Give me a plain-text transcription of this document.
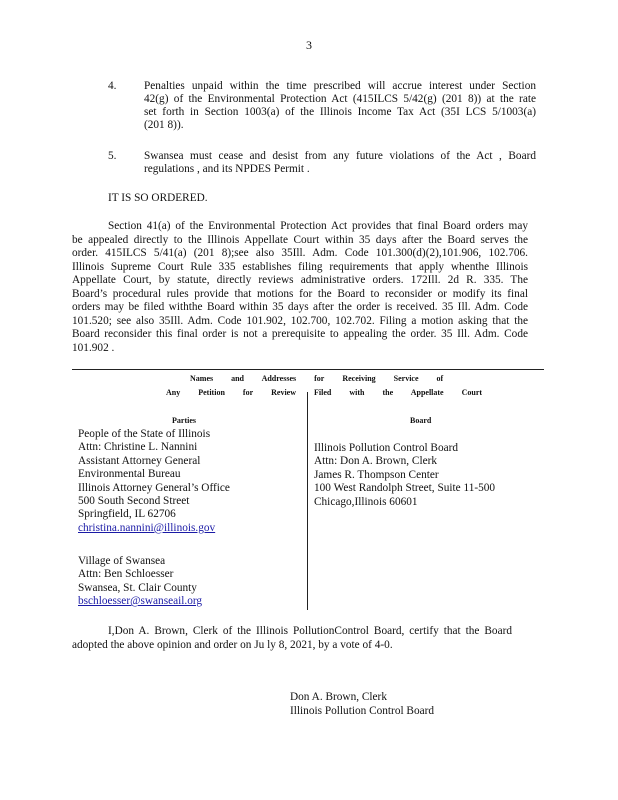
3
4. Penalties unpaid within the time prescribed will accrue interest under Section
42(g) of the Environmental Protection Act (415ILCS 5/42(g) (201 8)) at the rate
set forth in Section 1003(a) of the Illinois Income Tax Act (35I LCS 5/1003(a)
(201 8)).
5. Swansea must cease and desist from any future violations of the Act , Board
regulations , and its NPDES Permit .
IT IS SO ORDERED.
Section 41(a) of the Environmental Protection Act provides that final Board orders may
be appealed directly to the Illinois Appellate Court within 35 days after the Board serves the
order. 415ILCS 5/41(a) (201 8);see also 35Ill. Adm. Code 101.300(d)(2),101.906, 102.706.
Illinois Supreme Court Rule 335 establishes filing requirements that apply whenthe Illinois
Appellate Court, by statute, directly reviews administrative orders. 172Ill. 2d R. 335. The
Board’s procedural rules provide that motions for the Board to reconsider or modify its final
orders may be filed withthe Board within 35 days after the order is received. 35 Ill. Adm. Code
101.520; see also 35Ill. Adm. Code 101.902, 102.700, 102.702. Filing a motion asking that the
Board reconsider this final order is not a prerequisite to appealing the order. 35 Ill. Adm. Code
101.902 .
Names and Addresses for Receiving Service of
Any Petition for Review Filed with the Appellate Court
Parties	Board
People of the State of Illinois
Attn: Christine L. Nannini
Assistant Attorney General
Environmental Bureau
Illinois Attorney General’s Office
500 South Second Street
Springfield, IL 62706
christina.nannini@illinois.gov
Village of Swansea
Attn: Ben Schloesser
Swansea, St. Clair County
bschloesser@swanseail.org
Illinois Pollution Control Board
Attn: Don A. Brown, Clerk
James R. Thompson Center
100 West Randolph Street, Suite 11-500
Chicago,Illinois 60601
I,Don A. Brown, Clerk of the Illinois PollutionControl Board, certify that the Board
adopted the above opinion and order on Ju ly 8, 2021, by a vote of 4-0.
Don A. Brown, Clerk
Illinois Pollution Control Board
